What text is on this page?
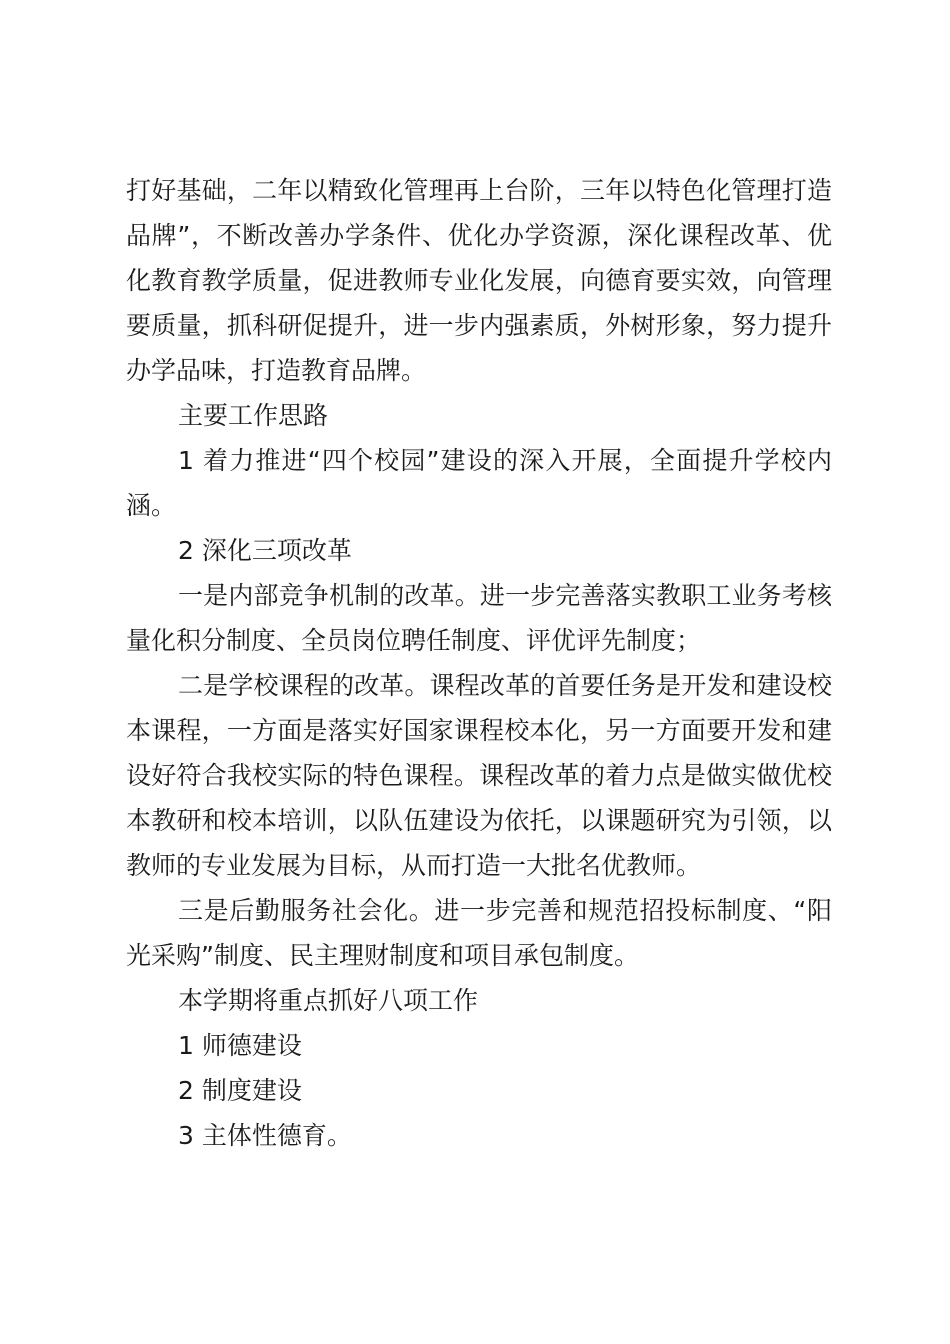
打好基础，二年以精致化管理再上台阶，三年以特色化管理打造品牌”，不断改善办学条件、优化办学资源，深化课程改革、优化教育教学质量，促进教师专业化发展，向德育要实效，向管理要质量，抓科研促提升，进一步内强素质，外树形象，努力提升办学品味，打造教育品牌。

主要工作思路

1 着力推进“四个校园”建设的深入开展，全面提升学校内涵。

2 深化三项改革

一是内部竞争机制的改革。进一步完善落实教职工业务考核量化积分制度、全员岗位聘任制度、评优评先制度；

二是学校课程的改革。课程改革的首要任务是开发和建设校本课程，一方面是落实好国家课程校本化，另一方面要开发和建设好符合我校实际的特色课程。课程改革的着力点是做实做优校本教研和校本培训，以队伍建设为依托，以课题研究为引领，以教师的专业发展为目标，从而打造一大批名优教师。

三是后勤服务社会化。进一步完善和规范招投标制度、“阳光采购”制度、民主理财制度和项目承包制度。

本学期将重点抓好八项工作

1 师德建设

2 制度建设

3 主体性德育。
